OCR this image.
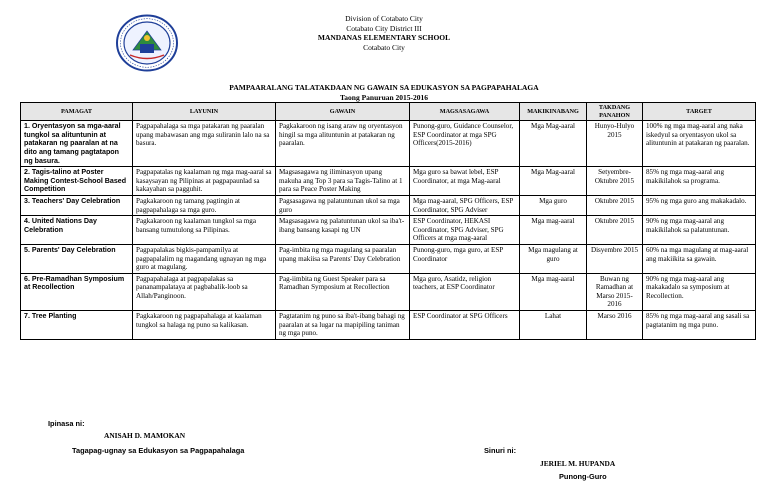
Division of Cotabato City
Cotabato City District III
MANDANAS ELEMENTARY SCHOOL
Cotabato City
PAMPAARALANG TALATAKDAAN NG GAWAIN SA EDUKASYON SA PAGPAPAHALAGA
Taong Panuruan 2015-2016
PAMAGAT	LAYUNIN	GAWAIN	MAGSASAGAWA	MAKIKINABANG	TAKDANG PANAHON	TARGET
1. Oryentasyon sa mga-aaral tungkol sa alituntunin at patakaran ng paaralan at na dito ang tamang pagtatapon ng basura.	Pagpapahalaga sa mga patakaran ng paaralan upang mabawasan ang mga suliranin lalo na sa basura.	Pagkakaroon ng isang araw ng oryentasyon hingil sa mga alituntunin at patakaran ng paaralan.	Punong-guro, Guidance Counselor, ESP Coordinator at mga SPG Officers(2015-2016)	Mga Mag-aaral	Hunyo-Hulyo 2015	100% ng mga mag-aaral ang naka iskedyul sa oryentasyon ukol sa alituntunin at patakaran ng paaralan.
2. Tagis-talino at Poster Making Contest-School Based Competition	Pagpapatalas ng kaalaman ng mga mag-aaral sa kasaysayan ng Pilipinas at pagpapaunlad sa kakayahan sa pagguhit.	Magsasagawa ng iliminasyon upang makuha ang Top 3 para sa Tagis-Talino at 1 para sa Peace Poster Making	Mga guro sa bawat lebel, ESP Coordinator, at mga Mag-aaral	Mga Mag-aaral	Setyembre-Oktubre 2015	85% ng mga mag-aaral ang makikilahok sa programa.
3. Teachers' Day Celebration	Pagkakaroon ng tamang pagtingin at pagpapahalaga sa mga guro.	Pagsasagawa ng palatuntunan ukol sa mga guro	Mga mag-aaral, SPG Officers, ESP Coordinator, SPG Adviser	Mga guro	Oktubre 2015	95% ng mga guro ang makakadalo.
4. United Nations Day Celebration	Pagkakaroon ng kaalaman tungkol sa mga bansang tumutulong sa Pilipinas.	Magsasagawa ng palatuntunan ukol sa iba't-ibang bansang kasapi ng UN	ESP Coordinator, HEKASI Coordinator, SPG Adviser, SPG Officers at mga mag-aaral	Mga mag-aaral	Oktubre 2015	90% ng mga mag-aaral ang makikilahok sa palatuntunan.
5. Parents' Day Celebration	Pagpapalakas bigkis-pampamilya at pagpapalalim ng magandang ugnayan ng mga guro at magulang.	Pag-imbita ng mga magulang sa paaralan upang makiisa sa Parents' Day Celebration	Punong-guro, mga guro, at ESP Coordinator	Mga magulang at guro	Disyembre 2015	60% na mga magulang at mag-aaral ang makiikita sa gawain.
6. Pre-Ramadhan Symposium at Recollection	Pagpapahalaga at pagpapalakas sa pananampalataya at pagbabalik-loob sa Allah/Panginoon.	Pag-iimbita ng Guest Speaker para sa Ramadhan Symposium at Recollection	Mga guro, Asatidz, religion teachers, at ESP Coordinator	Mga mag-aaral	Buwan ng Ramadhan at Marso 2015-2016	90% ng mga mag-aaral ang makakadalo sa symposium at Recollection.
7. Tree Planting	Pagkakaroon ng pagpapahalaga at kaalaman tungkol sa halaga ng puno sa kalikasan.	Pagtatanim ng puno sa iba't-ibang bahagi ng paaralan at sa lugar na mapipiling taniman ng mga puno.	ESP Coordinator at SPG Officers	Lahat	Marso 2016	85% ng mga mag-aaral ang sasali sa pagtatanim ng mga puno.
Ipinasa ni:
ANISAH D. MAMOKAN
Tagapag-ugnay sa Edukasyon sa Pagpapahalaga	Sinuri ni:
JERIEL M. HUPANDA
Punong-Guro
